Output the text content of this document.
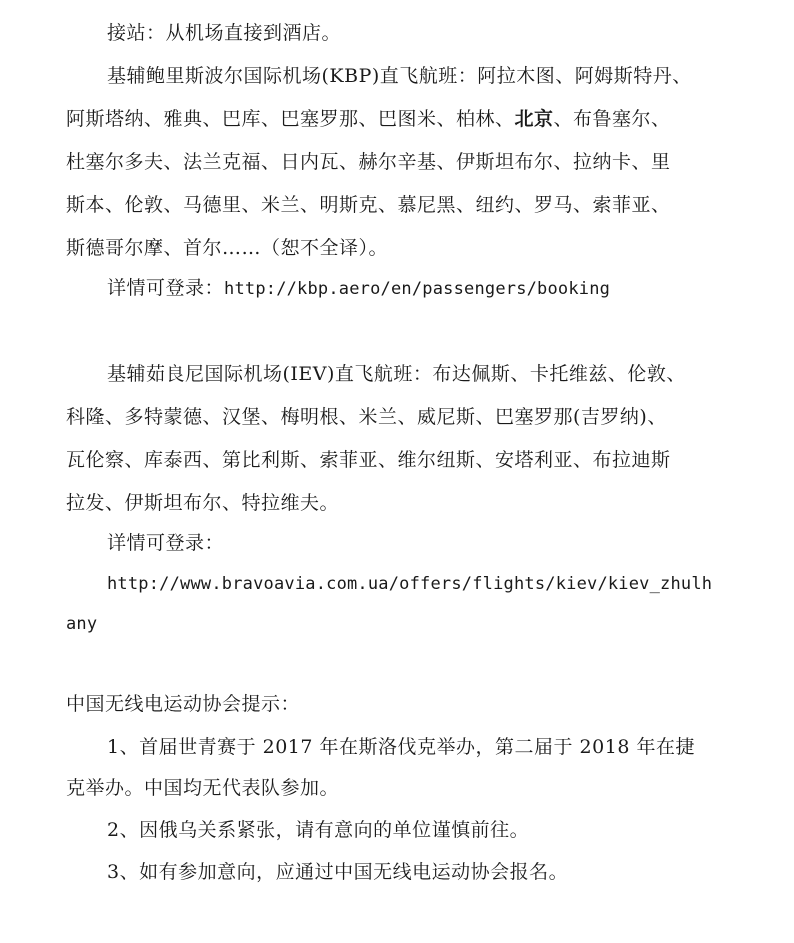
接站：从机场直接到酒店。
基辅鲍里斯波尔国际机场(KBP)直飞航班：阿拉木图、阿姆斯特丹、
阿斯塔纳、雅典、巴库、巴塞罗那、巴图米、柏林、北京、布鲁塞尔、
杜塞尔多夫、法兰克福、日内瓦、赫尔辛基、伊斯坦布尔、拉纳卡、里
斯本、伦敦、马德里、米兰、明斯克、慕尼黑、纽约、罗马、索菲亚、
斯德哥尔摩、首尔……（恕不全译）。
详情可登录：http://kbp.aero/en/passengers/booking
基辅茹良尼国际机场(IEV)直飞航班：布达佩斯、卡托维兹、伦敦、
科隆、多特蒙德、汉堡、梅明根、米兰、威尼斯、巴塞罗那(吉罗纳)、
瓦伦察、库泰西、第比利斯、索菲亚、维尔纽斯、安塔利亚、布拉迪斯
拉发、伊斯坦布尔、特拉维夫。
详情可登录：
http://www.bravoavia.com.ua/offers/flights/kiev/kiev_zhulh
any
中国无线电运动协会提示：
1、首届世青赛于 2017 年在斯洛伐克举办，第二届于 2018 年在捷
克举办。中国均无代表队参加。
2、因俄乌关系紧张，请有意向的单位谨慎前往。
3、如有参加意向，应通过中国无线电运动协会报名。
